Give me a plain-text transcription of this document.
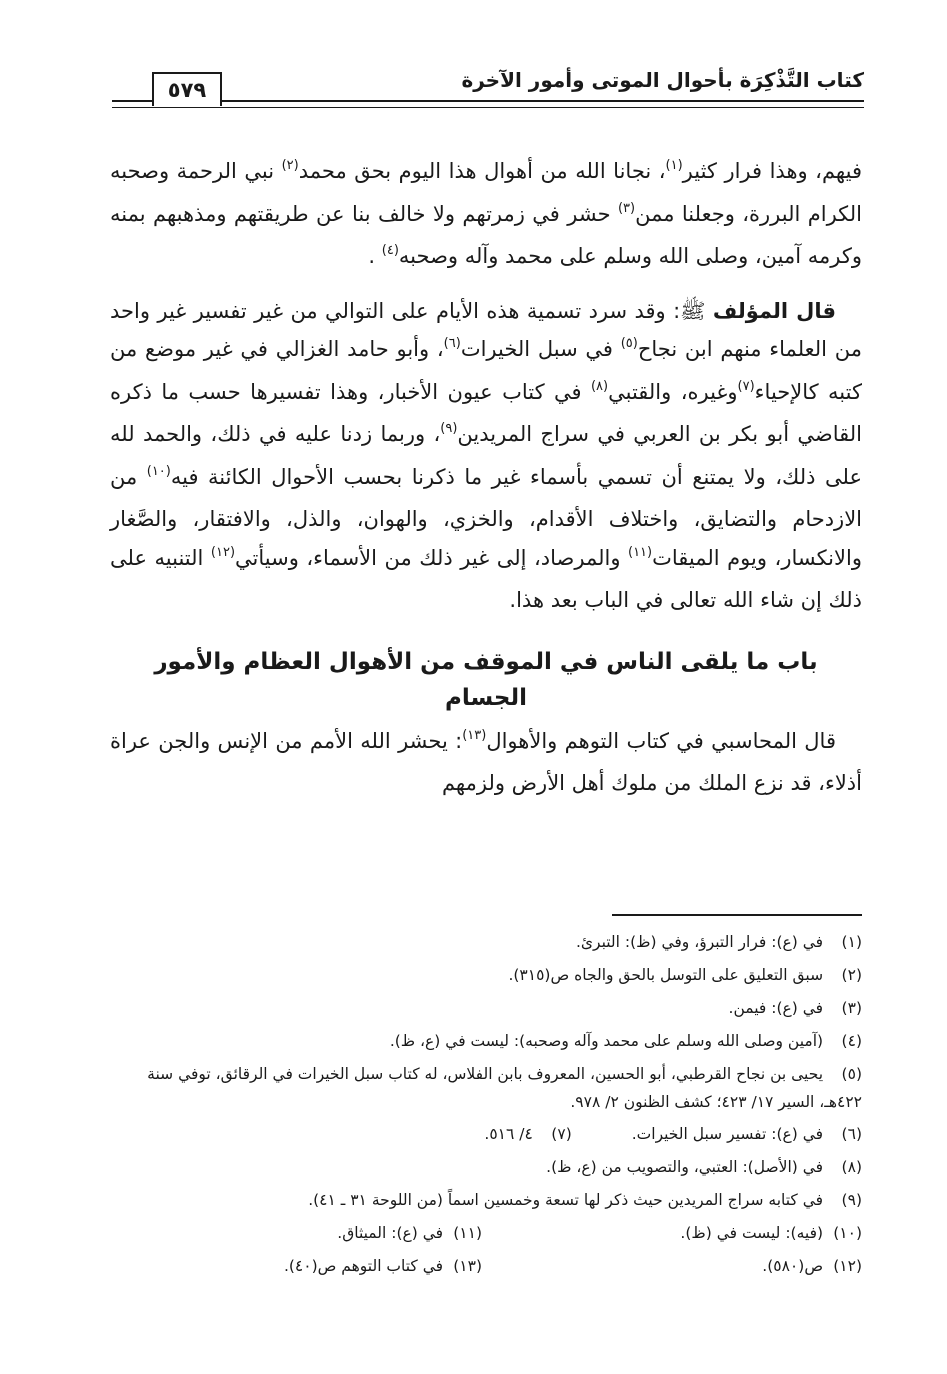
كتاب التَّذْكِرَة بأحوال الموتى وأمور الآخرة
٥٧٩

فيهم، وهذا فرار كثير$^{(١)}$، نجانا الله من أهوال هذا اليوم بحق محمد$^{(٢)}$ نبي الرحمة وصحبه الكرام البررة، وجعلنا ممن$^{(٣)}$ حشر في زمرتهم ولا خالف بنا عن طريقتهم ومذهبهم بمنه وكرمه آمين، وصلى الله وسلم على محمد وآله وصحبه$^{(٤)}$ .

قال المؤلف ﷺ: وقد سرد تسمية هذه الأيام على التوالي من غير تفسير غير واحد من العلماء منهم ابن نجاح$^{(٥)}$ في سبل الخيرات$^{(٦)}$، وأبو حامد الغزالي في غير موضع من كتبه كالإحياء$^{(٧)}$وغيره، والقتبي$^{(٨)}$ في كتاب عيون الأخبار، وهذا تفسيرها حسب ما ذكره القاضي أبو بكر بن العربي في سراج المريدين$^{(٩)}$، وربما زدنا عليه في ذلك، والحمد لله على ذلك، ولا يمتنع أن تسمي بأسماء غير ما ذكرنا بحسب الأحوال الكائنة فيه$^{(١٠)}$ من الازدحام والتضايق، واختلاف الأقدام، والخزي، والهوان، والذل، والافتقار، والصَّغار والانكسار، ويوم الميقات$^{(١١)}$ والمرصاد، إلى غير ذلك من الأسماء، وسيأتي$^{(١٢)}$ التنبيه على ذلك إن شاء الله تعالى في الباب بعد هذا.

باب ما يلقى الناس في الموقف من الأهوال العظام والأمور الجسام

قال المحاسبي في كتاب التوهم والأهوال$^{(١٣)}$: يحشر الله الأمم من الإنس والجن عراة أذلاء، قد نزع الملك من ملوك أهل الأرض ولزمهم

(١) في (ع): فرار التبرؤ، وفي (ظ): التبرئ.

(٢) سبق التعليق على التوسل بالحق والجاه ص(٣١٥).

(٣) في (ع): فيمن.

(٤) (آمين وصلى الله وسلم على محمد وآله وصحبه): ليست في (ع، ظ).

(٥) يحيى بن نجاح القرطبي، أبو الحسين، المعروف بابن الفلاس، له كتاب سبل الخيرات في الرقائق، توفي سنة ٤٢٢هـ، السير ١٧/ ٤٢٣؛ كشف الظنون ٢/ ٩٧٨.

(٦) في (ع): تفسير سبل الخيرات.(٧) ٤/ ٥١٦.

(٨) في (الأصل): العتبي، والتصويب من (ع، ظ).

(٩) في كتابه سراج المريدين حيث ذكر لها تسعة وخمسين اسماً (من اللوحة ٣١ ـ ٤١).

(١٠) (فيه): ليست في (ظ).

(١١) في (ع): الميثاق.

(١٢) ص(٥٨٠).

(١٣) في كتاب التوهم ص(٤٠).
